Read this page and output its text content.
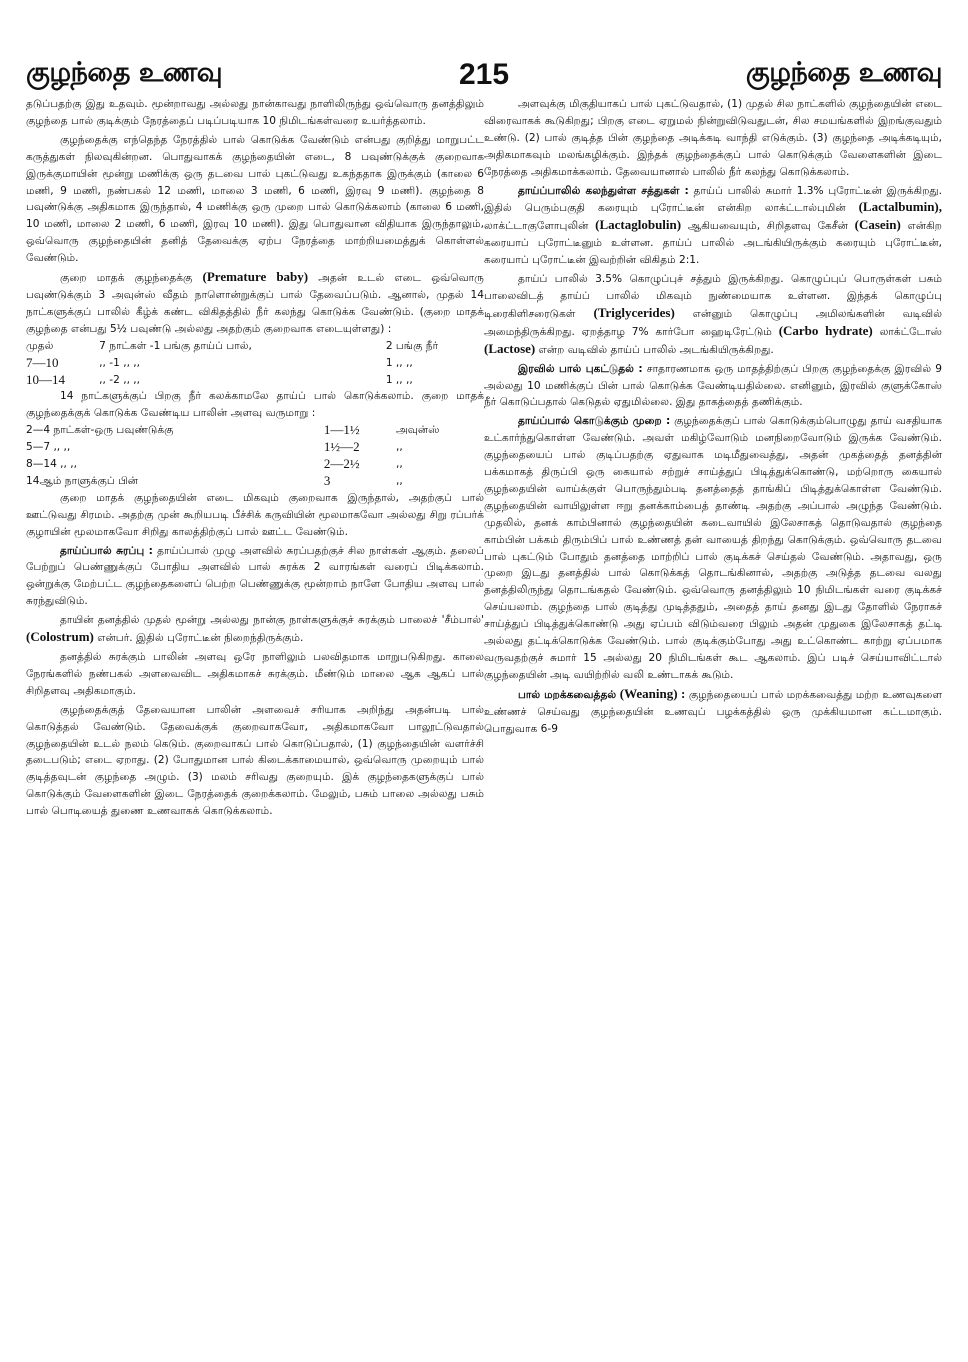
குழந்தை உணவு	215	குழந்தை உணவு

தடுப்பதற்கு இது உதவும். மூன்றாவது அல்லது நான்காவது நாளிலிருந்து ஒவ்வொரு தனத்திலும் குழந்தை பால் குடிக்கும் நேரத்தைப் படிப்படியாக 10 நிமிடங்கள்வரை உயர்த்தலாம்.

குழந்தைக்கு எந்தெந்த நேரத்தில் பால் கொடுக்க வேண்டும் என்பது குறித்து மாறுபட்ட கருத்துகள் நிலவுகின்றன. பொதுவாகக் குழந்தையின் எடை, 8 பவுண்டுக்குக் குறைவாக இருக்குமாயின் மூன்று மணிக்கு ஒரு தடவை பால் புகட்டுவது உகந்ததாக இருக்கும் (காலை 6 மணி, 9 மணி, நண்பகல் 12 மணி, மாலை 3 மணி, 6 மணி, இரவு 9 மணி). குழந்தை 8 பவுண்டுக்கு அதிகமாக இருந்தால், 4 மணிக்கு ஒரு முறை பால் கொடுக்கலாம் (காலை 6 மணி, 10 மணி, மாலை 2 மணி, 6 மணி, இரவு 10 மணி). இது பொதுவான விதியாக இருந்தாலும், ஒவ்வொரு குழந்தையின் தனித் தேவைக்கு ஏற்ப நேரத்தை மாற்றியமைத்துக் கொள்ளல் வேண்டும்.

குறை மாதக் குழந்தைக்கு (Premature baby) அதன் உடல் எடை ஒவ்வொரு பவுண்டுக்கும் 3 அவுன்ஸ் வீதம் நாளொன்றுக்குப் பால் தேவைப்படும். ஆனால், முதல் 14 நாட்களுக்குப் பாலில் கீழ்க் கண்ட விகிதத்தில் நீர் கலந்து கொடுக்க வேண்டும். (குறை மாதக் குழந்தை என்பது 5½ பவுண்டு அல்லது அதற்கும் குறைவாக எடையுள்ளது) :

முதல்	7 நாட்கள் -1 பங்கு தாய்ப் பால்,	2 பங்கு நீர்
7—10	,, -1 ,, ,,	1 ,, ,,
10—14	,, -2 ,, ,,	1 ,, ,,

14 நாட்களுக்குப் பிறகு நீர் கலக்காமலே தாய்ப் பால் கொடுக்கலாம். குறை மாதக் குழந்தைக்குக் கொடுக்க வேண்டிய பாலின் அளவு வருமாறு :

2—4 நாட்கள்-ஒரு பவுண்டுக்கு	1—1½	அவுன்ஸ்
5—7 ,, ,,	1½—2	,,
8—14 ,, ,,	2—2½	,,
14ஆம் நாளுக்குப் பின்	3	,,

குறை மாதக் குழந்தையின் எடை மிகவும் குறைவாக இருந்தால், அதற்குப் பால் ஊட்டுவது சிரமம். அதற்கு முன் கூறியபடி பீச்சிக் கருவியின் மூலமாகவோ அல்லது சிறு ரப்பர்க் குழாயின் மூலமாகவோ சிறிது காலத்திற்குப் பால் ஊட்ட வேண்டும்.

தாய்ப்பால் சுரப்பு : தாய்ப்பால் முழு அளவில் சுரப்பதற்குச் சில நாள்கள் ஆகும். தலைப் பேற்றுப் பெண்ணுக்குப் போதிய அளவில் பால் சுரக்க 2 வாரங்கள் வரைப் பிடிக்கலாம். ஒன்றுக்கு மேற்பட்ட குழந்தைகளைப் பெற்ற பெண்ணுக்கு மூன்றாம் நாளே போதிய அளவு பால் சுரந்துவிடும்.

தாயின் தனத்தில் முதல் மூன்று அல்லது நான்கு நாள்களுக்குச் சுரக்கும் பாலைச் 'சீம்பால்' (Colostrum) என்பர். இதில் புரோட்டீன் நிறைந்திருக்கும்.

தனத்தில் சுரக்கும் பாலின் அளவு ஒரே நாளிலும் பலவிதமாக மாறுபடுகிறது. காலை நேரங்களில் நண்பகல் அளவைவிட அதிகமாகச் சுரக்கும். மீண்டும் மாலை ஆக ஆகப் பால் சிறிதளவு அதிகமாகும்.

குழந்தைக்குத் தேவையான பாலின் அளவைச் சரியாக அறிந்து அதன்படி பால் கொடுத்தல் வேண்டும். தேவைக்குக் குறைவாகவோ, அதிகமாகவோ பாலூட்டுவதால் குழந்தையின் உடல் நலம் கெடும். குறைவாகப் பால் கொடுப்பதால், (1) குழந்தையின் வளர்ச்சி தடைபடும்; எடை ஏறாது. (2) போதுமான பால் கிடைக்காமையால், ஒவ்வொரு முறையும் பால் குடித்தவுடன் குழந்தை அழும். (3) மலம் சரிவது குறையும். இக் குழந்தைகளுக்குப் பால் கொடுக்கும் வேளைகளின் இடை நேரத்தைக் குறைக்கலாம். மேலும், பசும் பாலை அல்லது பசும் பால் பொடியைத் துணை உணவாகக் கொடுக்கலாம்.

அளவுக்கு மிகுதியாகப் பால் புகட்டுவதால், (1) முதல் சில நாட்களில் குழந்தையின் எடை விரைவாகக் கூடுகிறது; பிறகு எடை ஏறுமல் நின்றுவிடுவதுடன், சில சமயங்களில் இறங்குவதும் உண்டு. (2) பால் குடித்த பின் குழந்தை அடிக்கடி வாந்தி எடுக்கும். (3) குழந்தை அடிக்கடியும், அதிகமாகவும் மலங்கழிக்கும். இந்தக் குழந்தைக்குப் பால் கொடுக்கும் வேளைகளின் இடை நேரத்தை அதிகமாக்கலாம். தேவையானால் பாலில் நீர் கலந்து கொடுக்கலாம்.

தாய்ப்பாலில் கலந்துள்ள சத்துகள் : தாய்ப் பாலில் சுமார் 1.3% புரோட்டீன் இருக்கிறது. இதில் பெரும்பகுதி கரையும் புரோட்டீன் என்கிற லாக்ட்டால்புமின் (Lactalbumin), லாக்ட்டாகுளோபுலின் (Lactaglobulin) ஆகியவையும், சிறிதளவு கேசீன் (Casein) என்கிற கரையாப் புரோட்டீனும் உள்ளன. தாய்ப் பாலில் அடங்கியிருக்கும் கரையும் புரோட்டீன், கரையாப் புரோட்டீன் இவற்றின் விகிதம் 2:1.

தாய்ப் பாலில் 3.5% கொழுப்புச் சத்தும் இருக்கிறது. கொழுப்புப் பொருள்கள் பசும் பாலைவிடத் தாய்ப் பாலில் மிகவும் நுண்மையாக உள்ளன. இந்தக் கொழுப்பு டிரைகிளிசரைடுகள் (Triglycerides) என்னும் கொழுப்பு அமிலங்களின் வடிவில் அமைந்திருக்கிறது. ஏறத்தாழ 7% கார்போ ஹைடிரேட்டும் (Carbo hydrate) லாக்ட்டோஸ் (Lactose) என்ற வடிவில் தாய்ப் பாலில் அடங்கியிருக்கிறது.

இரவில் பால் புகட்டுதல் : சாதாரணமாக ஒரு மாதத்திற்குப் பிறகு குழந்தைக்கு இரவில் 9 அல்லது 10 மணிக்குப் பின் பால் கொடுக்க வேண்டியதில்லை. எனினும், இரவில் குளுக்கோஸ் நீர் கொடுப்பதால் கெடுதல் ஏதுமில்லை. இது தாகத்தைத் தணிக்கும்.

தாய்ப்பால் கொடுக்கும் முறை : குழந்தைக்குப் பால் கொடுக்கும்பொழுது தாய் வசதியாக உட்கார்ந்துகொள்ள வேண்டும். அவள் மகிழ்வோடும் மனநிறைவோடும் இருக்க வேண்டும். குழந்தையைப் பால் குடிப்பதற்கு ஏதுவாக மடிமீதுவைத்து, அதன் முகத்தைத் தனத்தின் பக்கமாகத் திருப்பி ஒரு கையால் சற்றுச் சாய்த்துப் பிடித்துக்கொண்டு, மற்றொரு கையால் குழந்தையின் வாய்க்குள் பொருந்தும்படி தனத்தைத் தாங்கிப் பிடித்துக்கொள்ள வேண்டும். குழந்தையின் வாயிலுள்ள ஈறு தனக்காம்பைத் தாண்டி அதற்கு அப்பால் அழுந்த வேண்டும். முதலில், தனக் காம்பினால் குழந்தையின் கடைவாயில் இலேசாகத் தொடுவதால் குழந்தை காம்பின் பக்கம் திரும்பிப் பால் உண்ணத் தன் வாயைத் திறந்து கொடுக்கும். ஒவ்வொரு தடவை பால் புகட்டும் போதும் தனத்தை மாற்றிப் பால் குடிக்கச் செய்தல் வேண்டும். அதாவது, ஒரு முறை இடது தனத்தில் பால் கொடுக்கத் தொடங்கினால், அதற்கு அடுத்த தடவை வலது தனத்திலிருந்து தொடங்கதல் வேண்டும். ஒவ்வொரு தனத்திலும் 10 நிமிடங்கள் வரை குடிக்கச் செய்யலாம். குழந்தை பால் குடித்து முடித்ததும், அதைத் தாய் தனது இடது தோளில் நேராகச் சாய்த்துப் பிடித்துக்கொண்டு அது ஏப்பம் விடும்வரை பிலும் அதன் முதுகை இலேசாகத் தட்டி அல்லது தட்டிக்கொடுக்க வேண்டும். பால் குடிக்கும்போது அது உட்கொண்ட காற்று ஏப்பமாக வருவதற்குச் சுமார் 15 அல்லது 20 நிமிடங்கள் கூட ஆகலாம். இப் படிச் செய்யாவிட்டால் குழந்தையின் அடி வயிற்றில் வலி உண்டாகக் கூடும்.

பால் மறக்கவைத்தல் (Weaning) : குழந்தையைப் பால் மறக்கவைத்து மற்ற உணவுகளை உண்ணச் செய்வது குழந்தையின் உணவுப் பழக்கத்தில் ஒரு முக்கியமான கட்டமாகும். பொதுவாக 6-9
